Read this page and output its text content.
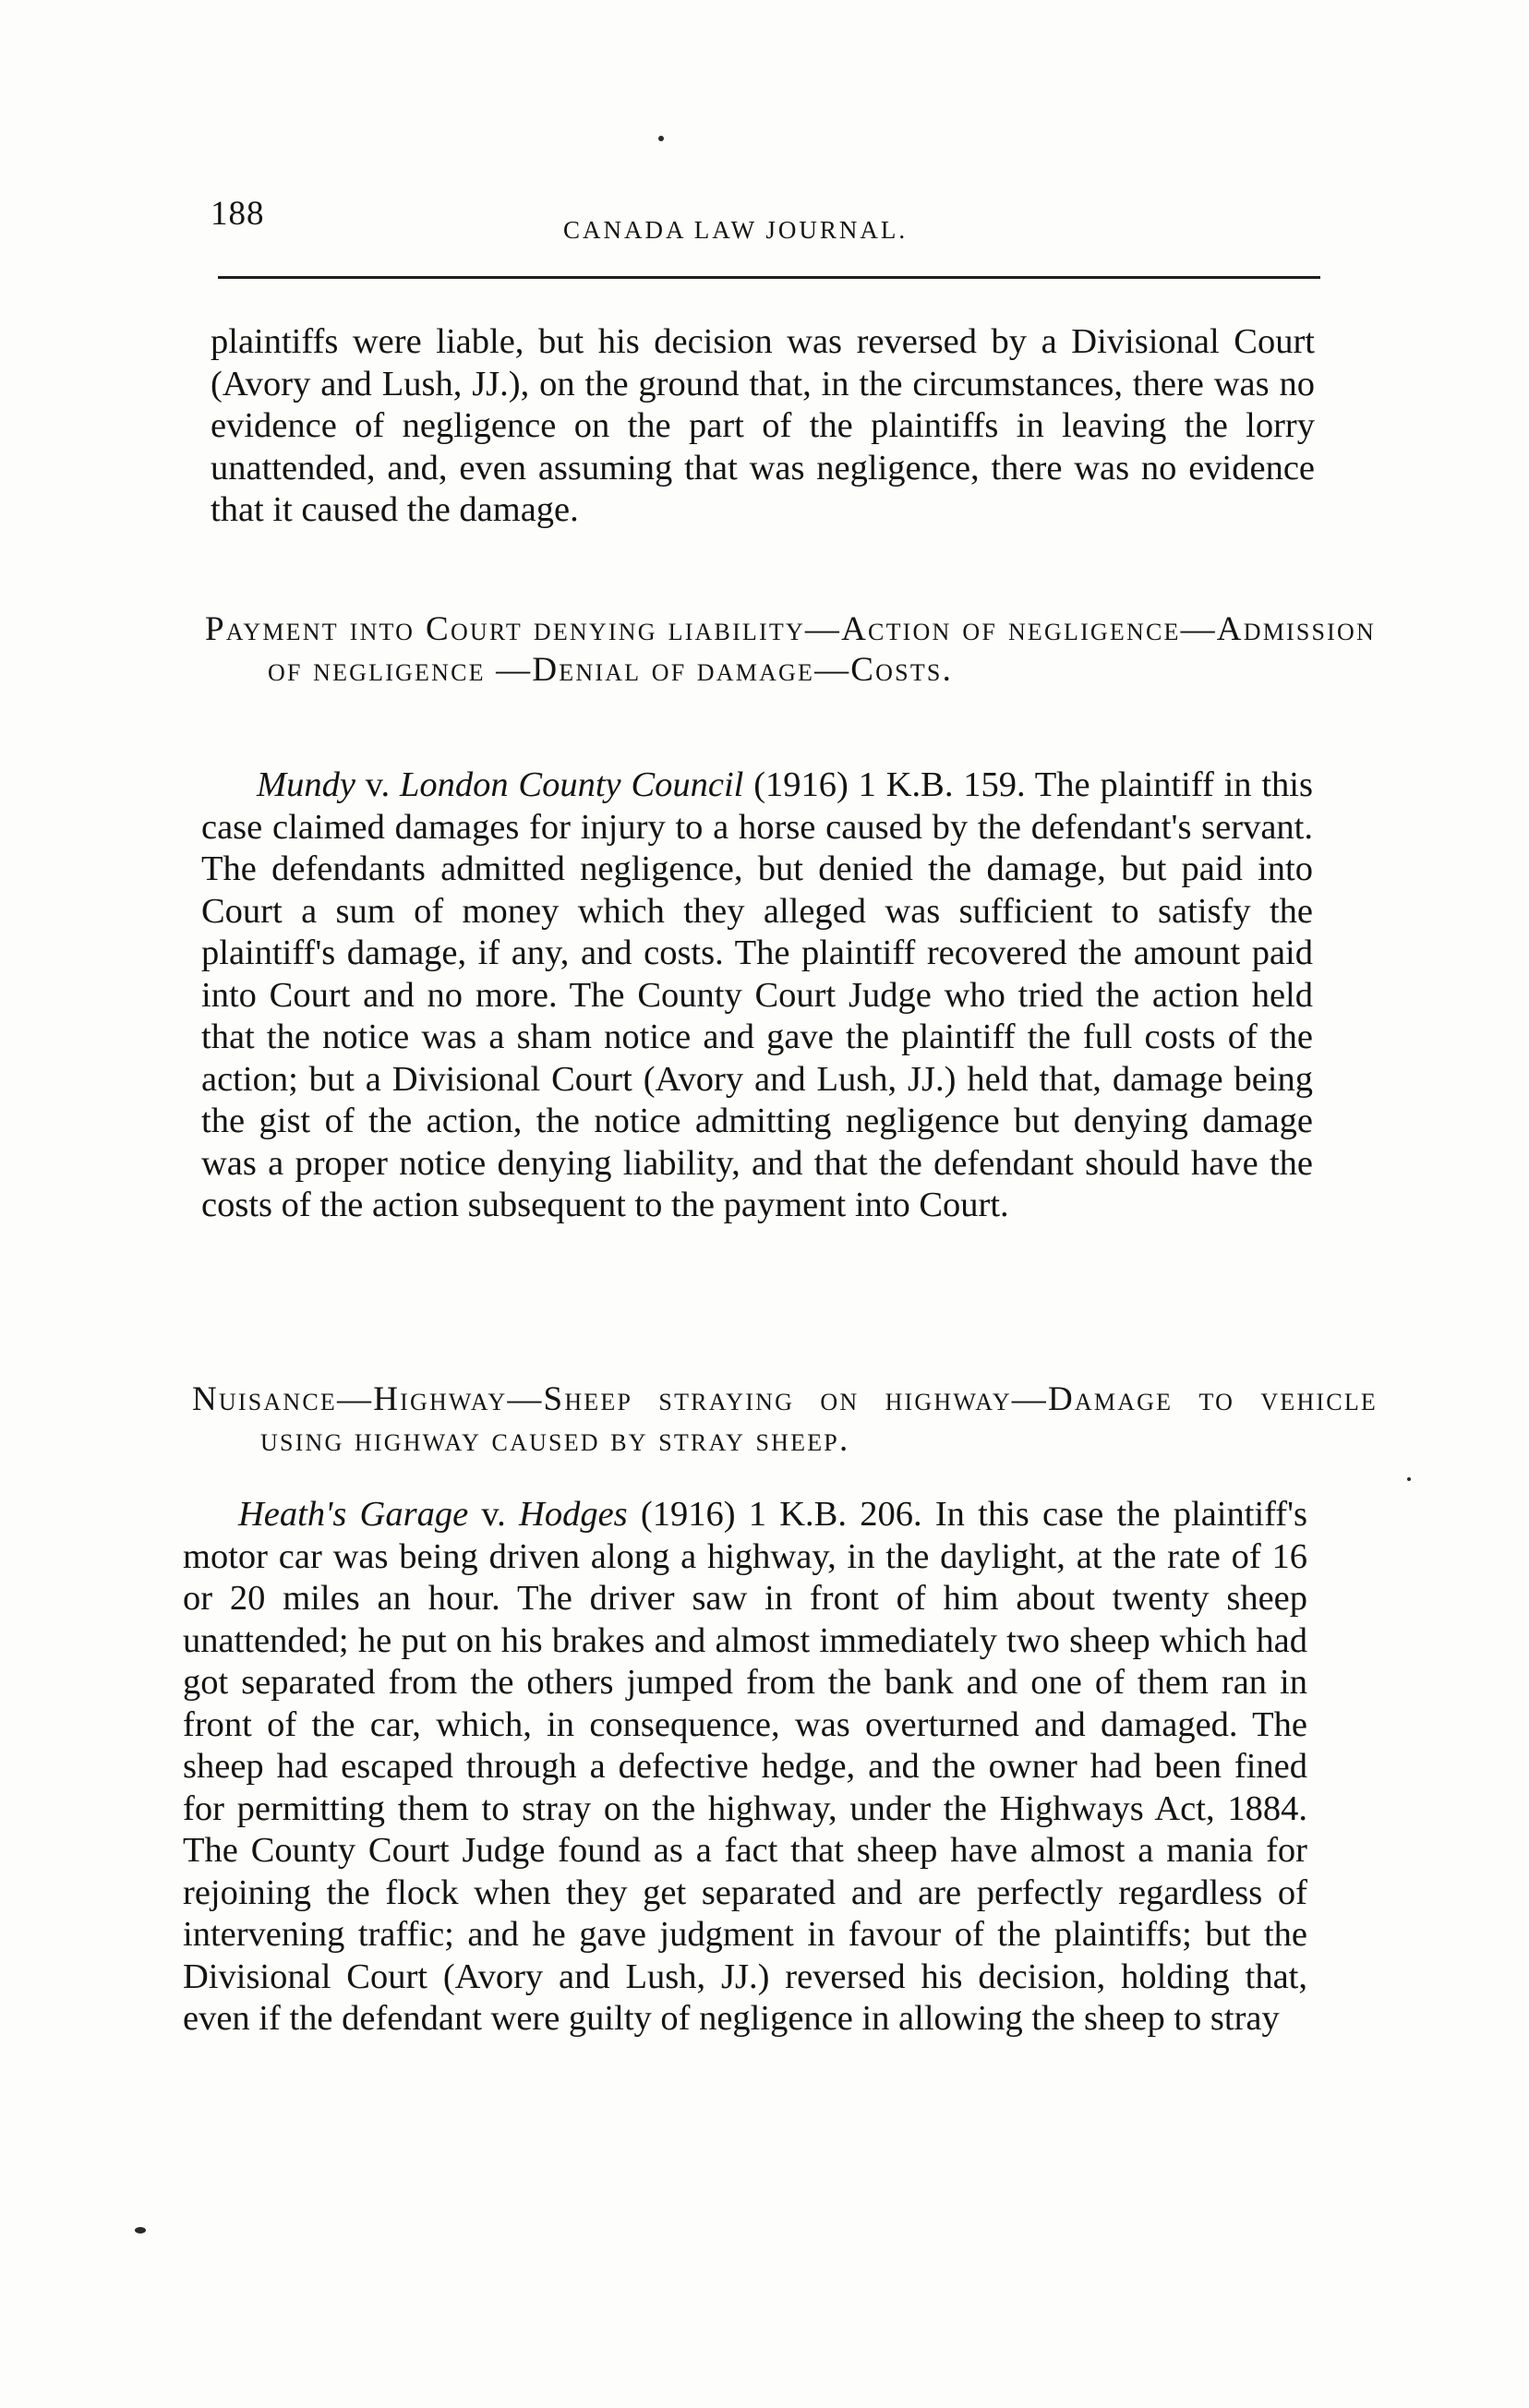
188	CANADA LAW JOURNAL.

plaintiffs were liable, but his decision was reversed by a Divisional Court (Avory and Lush, JJ.), on the ground that, in the circumstances, there was no evidence of negligence on the part of the plaintiffs in leaving the lorry unattended, and, even assuming that was negligence, there was no evidence that it caused the damage.

Payment into Court denying liability—Action of negligence—Admission of negligence —Denial of damage—Costs.

Mundy v. London County Council (1916) 1 K.B. 159. The plaintiff in this case claimed damages for injury to a horse caused by the defendant's servant. The defendants admitted negligence, but denied the damage, but paid into Court a sum of money which they alleged was sufficient to satisfy the plaintiff's damage, if any, and costs. The plaintiff recovered the amount paid into Court and no more. The County Court Judge who tried the action held that the notice was a sham notice and gave the plaintiff the full costs of the action; but a Divisional Court (Avory and Lush, JJ.) held that, damage being the gist of the action, the notice admitting negligence but denying damage was a proper notice denying liability, and that the defendant should have the costs of the action subsequent to the payment into Court.

Nuisance—Highway—Sheep straying on highway—Damage to vehicle using highway caused by stray sheep.

Heath's Garage v. Hodges (1916) 1 K.B. 206. In this case the plaintiff's motor car was being driven along a highway, in the daylight, at the rate of 16 or 20 miles an hour. The driver saw in front of him about twenty sheep unattended; he put on his brakes and almost immediately two sheep which had got separated from the others jumped from the bank and one of them ran in front of the car, which, in consequence, was overturned and damaged. The sheep had escaped through a defective hedge, and the owner had been fined for permitting them to stray on the highway, under the Highways Act, 1884. The County Court Judge found as a fact that sheep have almost a mania for rejoining the flock when they get separated and are perfectly regardless of intervening traffic; and he gave judgment in favour of the plaintiffs; but the Divisional Court (Avory and Lush, JJ.) reversed his decision, holding that, even if the defendant were guilty of negligence in allowing the sheep to stray
